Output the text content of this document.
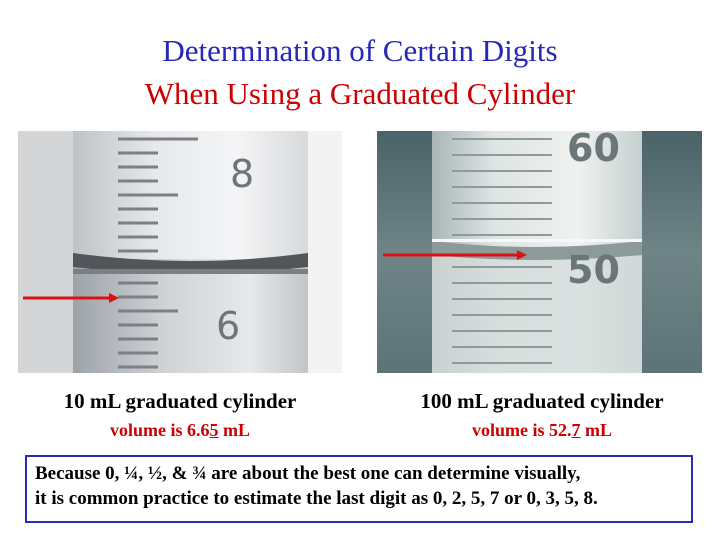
Determination of Certain Digits
When Using a Graduated Cylinder
8
6
60
50
10 mL graduated cylinder
volume is 6.65 mL
100 mL graduated cylinder
volume is 52.7 mL

Because 0, ¼, ½, & ¾ are about the best one can determine visually,

it is common practice to estimate the last digit as 0, 2, 5, 7 or 0, 3, 5, 8.
